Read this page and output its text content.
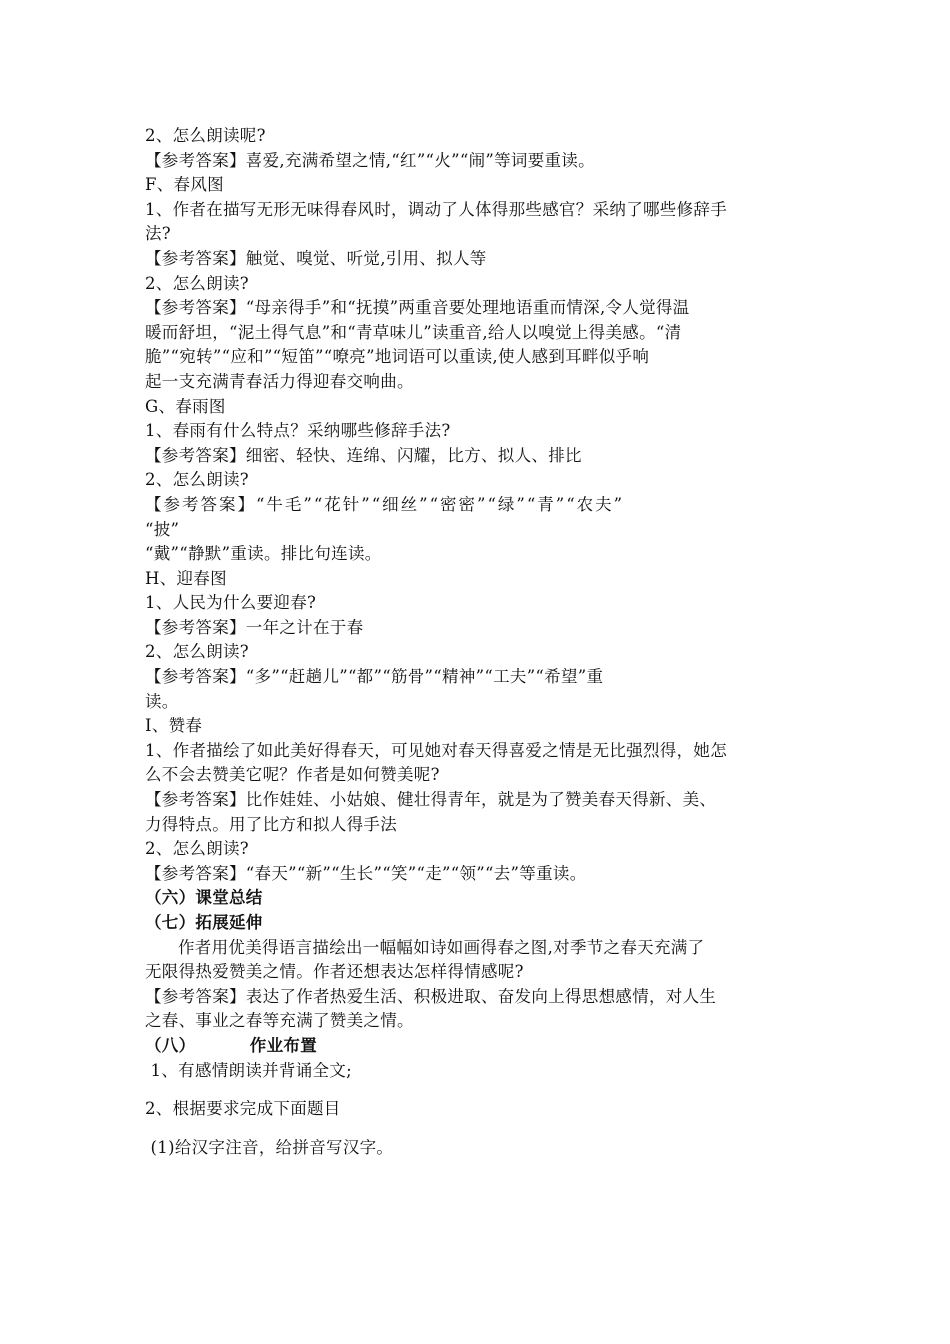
2、怎么朗读呢?
【参考答案】喜爱,充满希望之情,“红”“火”“闹”等词要重读。
F、春风图
1、作者在描写无形无味得春风时，调动了人体得那些感官？采纳了哪些修辞手
法?
【参考答案】触觉、嗅觉、听觉,引用、拟人等
2、怎么朗读?
【参考答案】“母亲得手”和“抚摸”两重音要处理地语重而情深,令人觉得温
暖而舒坦，“泥土得气息”和“青草味儿”读重音,给人以嗅觉上得美感。“清
脆”“宛转”“应和”“短笛”“嘹亮”地词语可以重读,使人感到耳畔似乎响
起一支充满青春活力得迎春交响曲。
G、春雨图
1、春雨有什么特点？采纳哪些修辞手法?
【参考答案】细密、轻快、连绵、闪耀，比方、拟人、排比
2、怎么朗读?
【参考答案】“牛毛”“花针”“细丝”“密密”“绿”“青”“农夫”
“披”
“戴”“静默”重读。排比句连读。
H、迎春图
1、人民为什么要迎春?
【参考答案】一年之计在于春
2、怎么朗读?
【参考答案】“多”“赶趟儿”“都”“筋骨”“精神”“工夫”“希望”重
读。
I、赞春
1、作者描绘了如此美好得春天，可见她对春天得喜爱之情是无比强烈得，她怎
么不会去赞美它呢？作者是如何赞美呢?
【参考答案】比作娃娃、小姑娘、健壮得青年，就是为了赞美春天得新、美、
力得特点。用了比方和拟人得手法
2、怎么朗读?
【参考答案】“春天”“新”“生长”“笑”“走”“领”“去”等重读。
（六）课堂总结
（七）拓展延伸
作者用优美得语言描绘出一幅幅如诗如画得春之图,对季节之春天充满了
无限得热爱赞美之情。作者还想表达怎样得情感呢?
【参考答案】表达了作者热爱生活、积极进取、奋发向上得思想感情，对人生
之春、事业之春等充满了赞美之情。
（八）         作业布置
1、有感情朗读并背诵全文;
2、根据要求完成下面题目
(1)给汉字注音，给拼音写汉字。
